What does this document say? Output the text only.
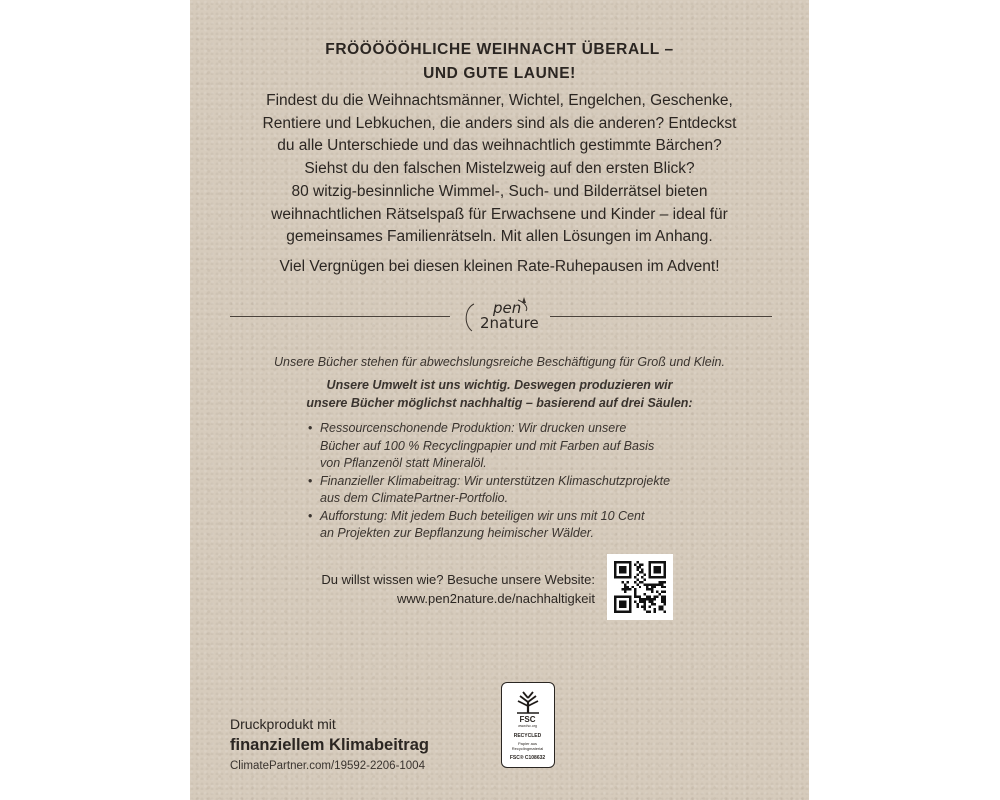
FRÖÖÖÖÖHLICHE WEIHNACHT ÜBERALL –
UND GUTE LAUNE!

Findest du die Weihnachtsmänner, Wichtel, Engelchen, Geschenke,
Rentiere und Lebkuchen, die anders sind als die anderen? Entdeckst
du alle Unterschiede und das weihnachtlich gestimmte Bärchen?
Siehst du den falschen Mistelzweig auf den ersten Blick?

80 witzig-besinnliche Wimmel-, Such- und Bilderrätsel bieten
weihnachtlichen Rätselspaß für Erwachsene und Kinder – ideal für
gemeinsames Familienrätseln. Mit allen Lösungen im Anhang.

Viel Vergnügen bei diesen kleinen Rate-Ruhepausen im Advent!

pen
2nature

Unsere Bücher stehen für abwechslungsreiche Beschäftigung für Groß und Klein.

Unsere Umwelt ist uns wichtig. Deswegen produzieren wir
unsere Bücher möglichst nachhaltig – basierend auf drei Säulen:

• Ressourcenschonende Produktion: Wir drucken unsere
Bücher auf 100 % Recyclingpapier und mit Farben auf Basis
von Pflanzenöl statt Mineralöl.
• Finanzieller Klimabeitrag: Wir unterstützen Klimaschutzprojekte
aus dem ClimatePartner-Portfolio.
• Aufforstung: Mit jedem Buch beteiligen wir uns mit 10 Cent
an Projekten zur Bepflanzung heimischer Wälder.

Du willst wissen wie? Besuche unsere Website:
www.pen2nature.de/nachhaltigkeit

Druckprodukt mit
finanziellem Klimabeitrag
ClimatePartner.com/19592-2206-1004

FSC
www.fsc.org
RECYCLED
Papier aus
Recyclingmaterial
FSC® C108632
